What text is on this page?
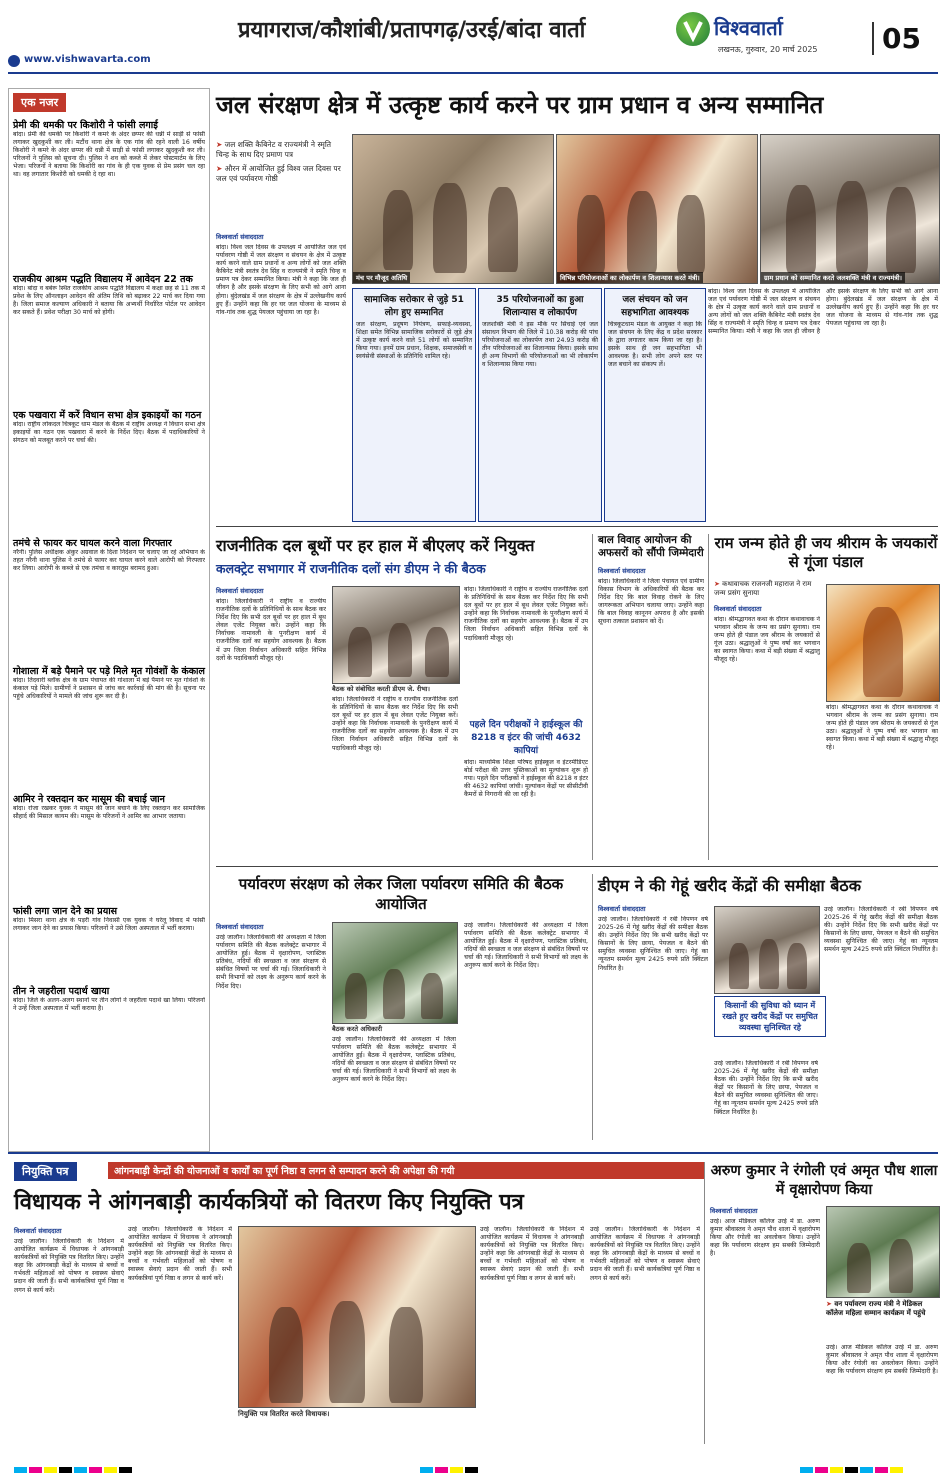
प्रयागराज/कौशांबी/प्रतापगढ़/उरई/बांदा वार्ता	विश्ववार्ता
लखनऊ, गुरुवार, 20 मार्च 2025	05
www.vishwavarta.com
एक नजर
प्रेमी की धमकी पर किशोरी ने फांसी लगाई
बांदा। प्रेमी की धमकी पर किशोरी ने कमरे के अंदर छप्पर की धन्नी में साड़ी से फांसी लगाकर खुदकुशी कर ली। मटौंध थाना क्षेत्र के एक गांव की रहने वाली 16 वर्षीय किशोरी ने कमरे के अंदर छप्पर की धन्नी में साड़ी से फांसी लगाकर खुदकुशी कर ली। परिजनों ने पुलिस को सूचना दी। पुलिस ने शव को कब्जे में लेकर पोस्टमार्टम के लिए भेजा। परिजनों ने बताया कि किशोरी का गांव के ही एक युवक से प्रेम प्रसंग चल रहा था। वह लगातार किशोरी को धमकी दे रहा था।
राजकीय आश्रम पद्धति विद्यालय में आवेदन 22 तक
बांदा। बांदा व बबेरू स्थित राजकीय आश्रम पद्धति विद्यालय में कक्षा छह से 11 तक में प्रवेश के लिए ऑनलाइन आवेदन की अंतिम तिथि को बढ़ाकर 22 मार्च कर दिया गया है। जिला समाज कल्याण अधिकारी ने बताया कि अभ्यर्थी निर्धारित पोर्टल पर आवेदन कर सकते हैं। प्रवेश परीक्षा 30 मार्च को होगी।
एक पखवारा में करें विधान सभा क्षेत्र इकाइयों का गठन
बांदा। राष्ट्रीय लोकदल चित्रकूट धाम मंडल के बैठक में राष्ट्रीय अध्यक्ष ने विधान सभा क्षेत्र इकाइयों का गठन एक पखवारा में करने के निर्देश दिए। बैठक में पदाधिकारियों ने संगठन को मजबूत करने पर चर्चा की।
तमंचे से फायर कर घायल करने वाला गिरफ्तार
नरैनी। पुलिस अधीक्षक अंकुर अग्रवाल के दिशा निर्देशन पर चलाए जा रहे अभियान के तहत नरैनी थाना पुलिस ने तमंचे से फायर कर घायल करने वाले आरोपी को गिरफ्तार कर लिया। आरोपी के कब्जे से एक तमंचा व कारतूस बरामद हुआ।
गोशाला में बड़े पैमाने पर पड़े मिले मृत गोवंशों के कंकाल
बांदा। तिंदवारी ब्लॉक क्षेत्र के ग्राम पंचायत की गोशाला में बड़े पैमाने पर मृत गोवंशों के कंकाल पड़े मिले। ग्रामीणों ने प्रशासन से जांच कर कार्रवाई की मांग की है। सूचना पर पहुंचे अधिकारियों ने मामले की जांच शुरू कर दी है।
आमिर ने रक्तदान कर मासूम की बचाई जान
बांदा। रोजा रखकर युवक ने मासूम की जान बचाने के लिए रक्तदान कर सामाजिक सौहार्द की मिसाल कायम की। मासूम के परिजनों ने आमिर का आभार जताया।
फांसी लगा जान देने का प्रयास
बांदा। मिसरा थाना क्षेत्र के पड़री गांव निवासी एक युवक ने घरेलू विवाद में फांसी लगाकर जान देने का प्रयास किया। परिजनों ने उसे जिला अस्पताल में भर्ती कराया।
तीन ने जहरीला पदार्थ खाया
बांदा। जिले के अलग-अलग स्थानों पर तीन लोगों ने जहरीला पदार्थ खा लिया। परिजनों ने उन्हें जिला अस्पताल में भर्ती कराया है।
जल संरक्षण क्षेत्र में उत्कृष्ट कार्य करने पर ग्राम प्रधान व अन्य सम्मानित
➤ जल शक्ति कैबिनेट व राज्यमंत्री ने स्मृति चिन्ह के साथ दिए प्रमाण पत्र
➤ औरन में आयोजित हुई विश्व जल दिवस पर जल एवं पर्यावरण गोष्ठी
मंच पर मौजूद अतिथि	विभिन्न परियोजनाओं का लोकार्पण व शिलान्यास करते मंत्री।	ग्राम प्रधान को सम्मानित करते जलशक्ति मंत्री व राज्यमंत्री।
विश्ववार्ता संवाददाता
बांदा। विश्व जल दिवस के उपलक्ष्य में आयोजित जल एवं पर्यावरण गोष्ठी में जल संरक्षण व संचयन के क्षेत्र में उत्कृष्ट कार्य करने वाले ग्राम प्रधानों व अन्य लोगों को जल शक्ति कैबिनेट मंत्री स्वतंत्र देव सिंह व राज्यमंत्री ने स्मृति चिन्ह व प्रमाण पत्र देकर सम्मानित किया। मंत्री ने कहा कि जल ही जीवन है और इसके संरक्षण के लिए सभी को आगे आना होगा। बुंदेलखंड में जल संरक्षण के क्षेत्र में उल्लेखनीय कार्य हुए हैं। उन्होंने कहा कि हर घर जल योजना के माध्यम से गांव-गांव तक शुद्ध पेयजल पहुंचाया जा रहा है।
सामाजिक सरोकार से जुड़े 51 लोग हुए सम्मानित
जल संरक्षण, प्रदूषण नियंत्रण, सफाई-व्यवस्था, शिक्षा समेत विभिन्न सामाजिक सरोकारों से जुड़े क्षेत्र में उत्कृष्ट कार्य करने वाले 51 लोगों को सम्मानित किया गया। इनमें ग्राम प्रधान, शिक्षक, समाजसेवी व स्वयंसेवी संस्थाओं के प्रतिनिधि शामिल रहे।
35 परियोजनाओं का हुआ शिलान्यास व लोकार्पण
जलशक्ति मंत्री ने इस मौके पर सिंचाई एवं जल संसाधन विभाग की जिले में 10.38 करोड़ की पांच परियोजनाओं का लोकार्पण तथा 24.93 करोड़ की तीन परियोजनाओं का शिलान्यास किया। इसके साथ ही अन्य विभागों की परियोजनाओं का भी लोकार्पण व शिलान्यास किया गया।
जल संचयन को जन सहभागिता आवश्यक
चित्रकूटधाम मंडल के आयुक्त ने कहा कि जल संचयन के लिए केंद्र व प्रदेश सरकार के द्वारा लगातार काम किया जा रहा है। इसके साथ ही जन सहभागिता भी आवश्यक है। सभी लोग अपने स्तर पर जल बचाने का संकल्प लें।
बांदा। विश्व जल दिवस के उपलक्ष्य में आयोजित जल एवं पर्यावरण गोष्ठी में जल संरक्षण व संचयन के क्षेत्र में उत्कृष्ट कार्य करने वाले ग्राम प्रधानों व अन्य लोगों को जल शक्ति कैबिनेट मंत्री स्वतंत्र देव सिंह व राज्यमंत्री ने स्मृति चिन्ह व प्रमाण पत्र देकर सम्मानित किया। मंत्री ने कहा कि जल ही जीवन है और इसके संरक्षण के लिए सभी को आगे आना होगा। बुंदेलखंड में जल संरक्षण के क्षेत्र में उल्लेखनीय कार्य हुए हैं। उन्होंने कहा कि हर घर जल योजना के माध्यम से गांव-गांव तक शुद्ध पेयजल पहुंचाया जा रहा है।
राजनीतिक दल बूथों पर हर हाल में बीएलए करें नियुक्त
कलक्ट्रेट सभागार में राजनीतिक दलों संग डीएम ने की बैठक
विश्ववार्ता संवाददाता
बांदा। जिलाधिकारी ने राष्ट्रीय व राज्यीय राजनीतिक दलों के प्रतिनिधियों के साथ बैठक कर निर्देश दिए कि सभी दल बूथों पर हर हाल में बूथ लेवल एजेंट नियुक्त करें। उन्होंने कहा कि निर्वाचक नामावली के पुनरीक्षण कार्य में राजनीतिक दलों का सहयोग आवश्यक है। बैठक में उप जिला निर्वाचन अधिकारी सहित विभिन्न दलों के पदाधिकारी मौजूद रहे।
बैठक को संबोधित करती डीएम जे. रीभा।
बांदा। जिलाधिकारी ने राष्ट्रीय व राज्यीय राजनीतिक दलों के प्रतिनिधियों के साथ बैठक कर निर्देश दिए कि सभी दल बूथों पर हर हाल में बूथ लेवल एजेंट नियुक्त करें। उन्होंने कहा कि निर्वाचक नामावली के पुनरीक्षण कार्य में राजनीतिक दलों का सहयोग आवश्यक है। बैठक में उप जिला निर्वाचन अधिकारी सहित विभिन्न दलों के पदाधिकारी मौजूद रहे।
बांदा। जिलाधिकारी ने राष्ट्रीय व राज्यीय राजनीतिक दलों के प्रतिनिधियों के साथ बैठक कर निर्देश दिए कि सभी दल बूथों पर हर हाल में बूथ लेवल एजेंट नियुक्त करें। उन्होंने कहा कि निर्वाचक नामावली के पुनरीक्षण कार्य में राजनीतिक दलों का सहयोग आवश्यक है। बैठक में उप जिला निर्वाचन अधिकारी सहित विभिन्न दलों के पदाधिकारी मौजूद रहे।
पहले दिन परीक्षकों ने हाईस्कूल की 8218 व इंटर की जांची 4632 कापियां
बांदा। माध्यमिक शिक्षा परिषद हाईस्कूल व इंटरमीडिएट बोर्ड परीक्षा की उत्तर पुस्तिकाओं का मूल्यांकन शुरू हो गया। पहले दिन परीक्षकों ने हाईस्कूल की 8218 व इंटर की 4632 कापियां जांची। मूल्यांकन केंद्रों पर सीसीटीवी कैमरों से निगरानी की जा रही है।
बाल विवाह आयोजन की अफसरों को सौंपी जिम्मेदारी
विश्ववार्ता संवाददाता
बांदा। जिलाधिकारी ने जिला पंचायत एवं ग्रामीण विकास विभाग के अधिकारियों की बैठक कर निर्देश दिए कि बाल विवाह रोकने के लिए जागरूकता अभियान चलाया जाए। उन्होंने कहा कि बाल विवाह कानूनन अपराध है और इसकी सूचना तत्काल प्रशासन को दें।
राम जन्म होते ही जय श्रीराम के जयकारों से गूंजा पंडाल
➤ कथावाचक राजनजी महाराज ने राम जन्म प्रसंग सुनाया
विश्ववार्ता संवाददाता
बांदा। श्रीमद्भागवत कथा के दौरान कथावाचक ने भगवान श्रीराम के जन्म का प्रसंग सुनाया। राम जन्म होते ही पंडाल जय श्रीराम के जयकारों से गूंज उठा। श्रद्धालुओं ने पुष्प वर्षा कर भगवान का स्वागत किया। कथा में बड़ी संख्या में श्रद्धालु मौजूद रहे।
बांदा। श्रीमद्भागवत कथा के दौरान कथावाचक ने भगवान श्रीराम के जन्म का प्रसंग सुनाया। राम जन्म होते ही पंडाल जय श्रीराम के जयकारों से गूंज उठा। श्रद्धालुओं ने पुष्प वर्षा कर भगवान का स्वागत किया। कथा में बड़ी संख्या में श्रद्धालु मौजूद रहे।
पर्यावरण संरक्षण को लेकर जिला पर्यावरण समिति की बैठक आयोजित
विश्ववार्ता संवाददाता
उरई जालौन। जिलाधिकारी की अध्यक्षता में जिला पर्यावरण समिति की बैठक कलेक्ट्रेट सभागार में आयोजित हुई। बैठक में वृक्षारोपण, प्लास्टिक प्रतिबंध, नदियों की स्वच्छता व जल संरक्षण से संबंधित विषयों पर चर्चा की गई। जिलाधिकारी ने सभी विभागों को लक्ष्य के अनुरूप कार्य करने के निर्देश दिए।
बैठक करते अधिकारी
उरई जालौन। जिलाधिकारी की अध्यक्षता में जिला पर्यावरण समिति की बैठक कलेक्ट्रेट सभागार में आयोजित हुई। बैठक में वृक्षारोपण, प्लास्टिक प्रतिबंध, नदियों की स्वच्छता व जल संरक्षण से संबंधित विषयों पर चर्चा की गई। जिलाधिकारी ने सभी विभागों को लक्ष्य के अनुरूप कार्य करने के निर्देश दिए।
उरई जालौन। जिलाधिकारी की अध्यक्षता में जिला पर्यावरण समिति की बैठक कलेक्ट्रेट सभागार में आयोजित हुई। बैठक में वृक्षारोपण, प्लास्टिक प्रतिबंध, नदियों की स्वच्छता व जल संरक्षण से संबंधित विषयों पर चर्चा की गई। जिलाधिकारी ने सभी विभागों को लक्ष्य के अनुरूप कार्य करने के निर्देश दिए।
डीएम ने की गेहूं खरीद केंद्रों की समीक्षा बैठक
विश्ववार्ता संवाददाता
उरई जालौन। जिलाधिकारी ने रबी विपणन वर्ष 2025-26 में गेहूं खरीद केंद्रों की समीक्षा बैठक की। उन्होंने निर्देश दिए कि सभी खरीद केंद्रों पर किसानों के लिए छाया, पेयजल व बैठने की समुचित व्यवस्था सुनिश्चित की जाए। गेहूं का न्यूनतम समर्थन मूल्य 2425 रुपये प्रति क्विंटल निर्धारित है।
किसानों की सुविधा को ध्यान में रखते हुए खरीद केंद्रों पर समुचित व्यवस्था सुनिश्चित रहे
उरई जालौन। जिलाधिकारी ने रबी विपणन वर्ष 2025-26 में गेहूं खरीद केंद्रों की समीक्षा बैठक की। उन्होंने निर्देश दिए कि सभी खरीद केंद्रों पर किसानों के लिए छाया, पेयजल व बैठने की समुचित व्यवस्था सुनिश्चित की जाए। गेहूं का न्यूनतम समर्थन मूल्य 2425 रुपये प्रति क्विंटल निर्धारित है।
उरई जालौन। जिलाधिकारी ने रबी विपणन वर्ष 2025-26 में गेहूं खरीद केंद्रों की समीक्षा बैठक की। उन्होंने निर्देश दिए कि सभी खरीद केंद्रों पर किसानों के लिए छाया, पेयजल व बैठने की समुचित व्यवस्था सुनिश्चित की जाए। गेहूं का न्यूनतम समर्थन मूल्य 2425 रुपये प्रति क्विंटल निर्धारित है।
नियुक्ति पत्र	आंगनबाड़ी केन्द्रों की योजनाओं व कार्यों का पूर्ण निष्ठा व लगन से सम्पादन करने की अपेक्षा की गयी
विधायक ने आंगनबाड़ी कार्यकत्रियों को वितरण किए नियुक्ति पत्र
विश्ववार्ता संवाददाता
उरई जालौन। जिलाधिकारी के निर्देशन में आयोजित कार्यक्रम में विधायक ने आंगनबाड़ी कार्यकत्रियों को नियुक्ति पत्र वितरित किए। उन्होंने कहा कि आंगनबाड़ी केंद्रों के माध्यम से बच्चों व गर्भवती महिलाओं को पोषण व स्वास्थ्य सेवाएं प्रदान की जाती हैं। सभी कार्यकत्रियां पूर्ण निष्ठा व लगन से कार्य करें।
उरई जालौन। जिलाधिकारी के निर्देशन में आयोजित कार्यक्रम में विधायक ने आंगनबाड़ी कार्यकत्रियों को नियुक्ति पत्र वितरित किए। उन्होंने कहा कि आंगनबाड़ी केंद्रों के माध्यम से बच्चों व गर्भवती महिलाओं को पोषण व स्वास्थ्य सेवाएं प्रदान की जाती हैं। सभी कार्यकत्रियां पूर्ण निष्ठा व लगन से कार्य करें।
नियुक्ति पत्र वितरित करते विधायक।
उरई जालौन। जिलाधिकारी के निर्देशन में आयोजित कार्यक्रम में विधायक ने आंगनबाड़ी कार्यकत्रियों को नियुक्ति पत्र वितरित किए। उन्होंने कहा कि आंगनबाड़ी केंद्रों के माध्यम से बच्चों व गर्भवती महिलाओं को पोषण व स्वास्थ्य सेवाएं प्रदान की जाती हैं। सभी कार्यकत्रियां पूर्ण निष्ठा व लगन से कार्य करें।
उरई जालौन। जिलाधिकारी के निर्देशन में आयोजित कार्यक्रम में विधायक ने आंगनबाड़ी कार्यकत्रियों को नियुक्ति पत्र वितरित किए। उन्होंने कहा कि आंगनबाड़ी केंद्रों के माध्यम से बच्चों व गर्भवती महिलाओं को पोषण व स्वास्थ्य सेवाएं प्रदान की जाती हैं। सभी कार्यकत्रियां पूर्ण निष्ठा व लगन से कार्य करें।
अरुण कुमार ने रंगोली एवं अमृत पौध शाला में वृक्षारोपण किया
विश्ववार्ता संवाददाता
उरई। आज मेडिकल कॉलेज उरई में डा. अरुण कुमार श्रीवास्तव ने अमृत पौध शाला में वृक्षारोपण किया और रंगोली का अवलोकन किया। उन्होंने कहा कि पर्यावरण संरक्षण हम सबकी जिम्मेदारी है।
➤ वन पर्यावरण राज्य मंत्री ने मेडिकल कॉलेज महिला सम्मान कार्यक्रम में पहुंचे
उरई। आज मेडिकल कॉलेज उरई में डा. अरुण कुमार श्रीवास्तव ने अमृत पौध शाला में वृक्षारोपण किया और रंगोली का अवलोकन किया। उन्होंने कहा कि पर्यावरण संरक्षण हम सबकी जिम्मेदारी है।
